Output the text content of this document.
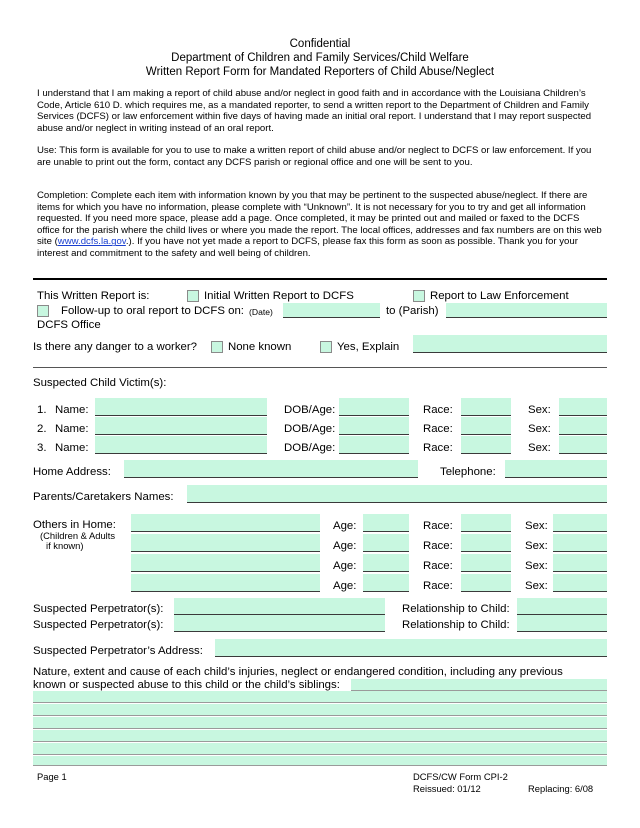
Confidential
Department of Children and Family Services/Child Welfare
Written Report Form for Mandated Reporters of Child Abuse/Neglect
I understand that I am making a report of child abuse and/or neglect in good faith and in accordance with the Louisiana Children’s Code, Article 610 D. which requires me, as a mandated reporter, to send a written report to the Department of Children and Family Services (DCFS) or law enforcement within five days of having made an initial oral report. I understand that I may report suspected abuse and/or neglect in writing instead of an oral report.
Use: This form is available for you to use to make a written report of child abuse and/or neglect to DCFS or law enforcement. If you are unable to print out the form, contact any DCFS parish or regional office and one will be sent to you.
Completion: Complete each item with information known by you that may be pertinent to the suspected abuse/neglect. If there are items for which you have no information, please complete with “Unknown”. It is not necessary for you to try and get all information requested. If you need more space, please add a page. Once completed, it may be printed out and mailed or faxed to the DCFS office for the parish where the child lives or where you made the report. The local offices, addresses and fax numbers are on this web site (www.dcfs.la.gov.). If you have not yet made a report to DCFS, please fax this form as soon as possible. Thank you for your interest and commitment to the safety and well being of children.
This Written Report is:	Initial Written Report to DCFS	Report to Law Enforcement
Follow-up to oral report to DCFS on: (Date)	to (Parish)
DCFS Office
Is there any danger to a worker?	None known	Yes, Explain
Suspected Child Victim(s):
1. Name:	DOB/Age:	Race:	Sex:
2. Name:	DOB/Age:	Race:	Sex:
3. Name:	DOB/Age:	Race:	Sex:
Home Address:	Telephone:
Parents/Caretakers Names:
Others in Home:
(Children & Adults
if known)
Age:	Race:	Sex:
Age:	Race:	Sex:
Age:	Race:	Sex:
Age:	Race:	Sex:
Suspected Perpetrator(s):	Relationship to Child:
Suspected Perpetrator(s):	Relationship to Child:
Suspected Perpetrator’s Address:
Nature, extent and cause of each child’s injuries, neglect or endangered condition, including any previous
known or suspected abuse to this child or the child’s siblings:
Page 1	DCFS/CW Form CPI-2
Reissued: 01/12	Replacing: 6/08
